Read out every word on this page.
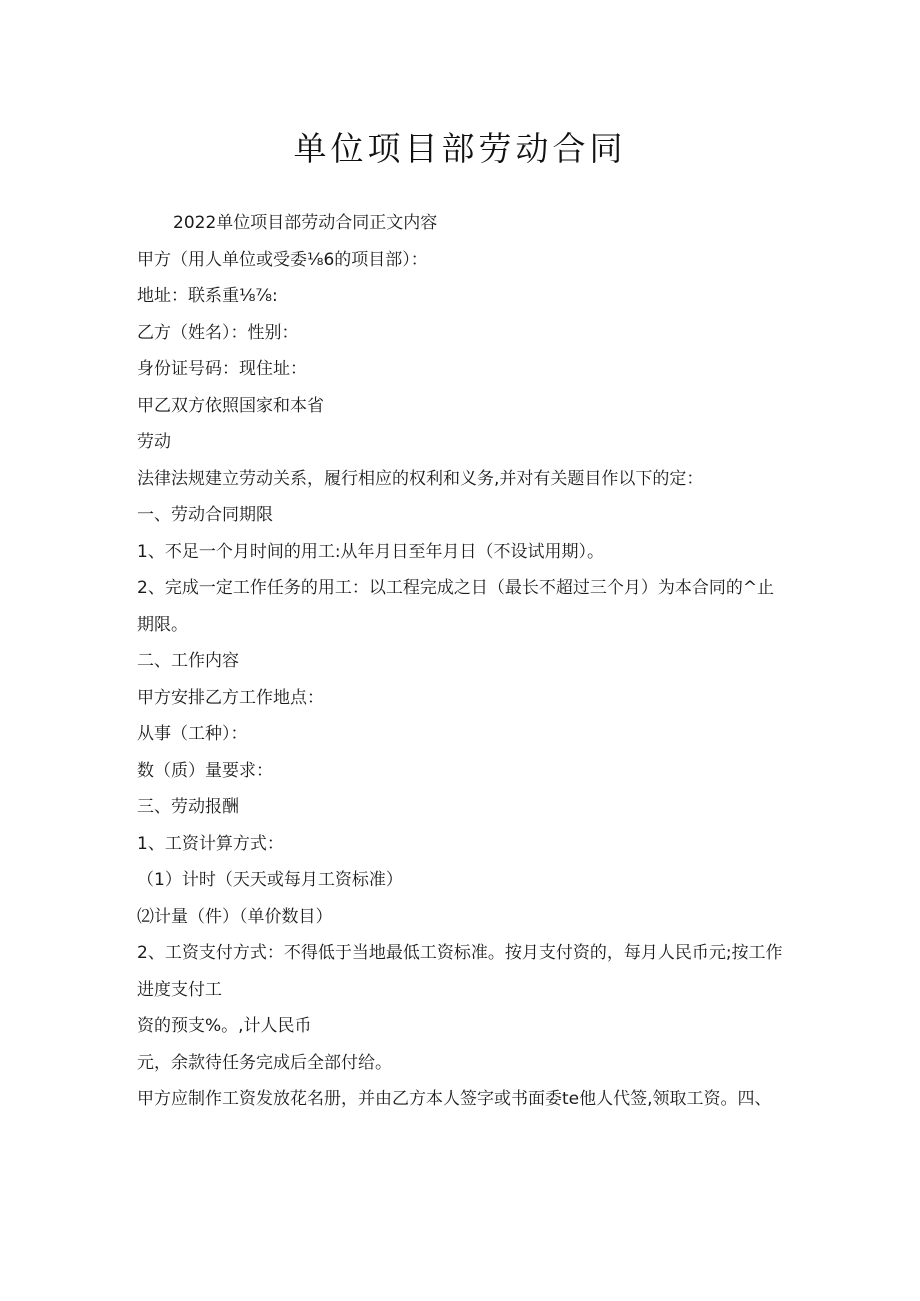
单位项目部劳动合同
2022单位项目部劳动合同正文内容
甲方（用人单位或受委⅛6的项目部）：
地址：联系重⅛⅞:
乙方（姓名）：性别：
身份证号码：现住址：
甲乙双方依照国家和本省
劳动
法律法规建立劳动关系，履行相应的权利和义务,并对有关题目作以下的定：
一、劳动合同期限
1、不足一个月时间的用工:从年月日至年月日（不设试用期）。
2、完成一定工作任务的用工：以工程完成之日（最长不超过三个月）为本合同的^止
期限。
二、工作内容
甲方安排乙方工作地点：
从事（工种）：
数（质）量要求：
三、劳动报酬
1、工资计算方式：
（1）计时（天天或每月工资标准）
⑵计量（件）（单价数目）
2、工资支付方式：不得低于当地最低工资标准。按月支付资的，每月人民币元;按工作
进度支付工
资的预支%。,计人民币
元，余款待任务完成后全部付给。
甲方应制作工资发放花名册，并由乙方本人签字或书面委te他人代签,领取工资。四、
